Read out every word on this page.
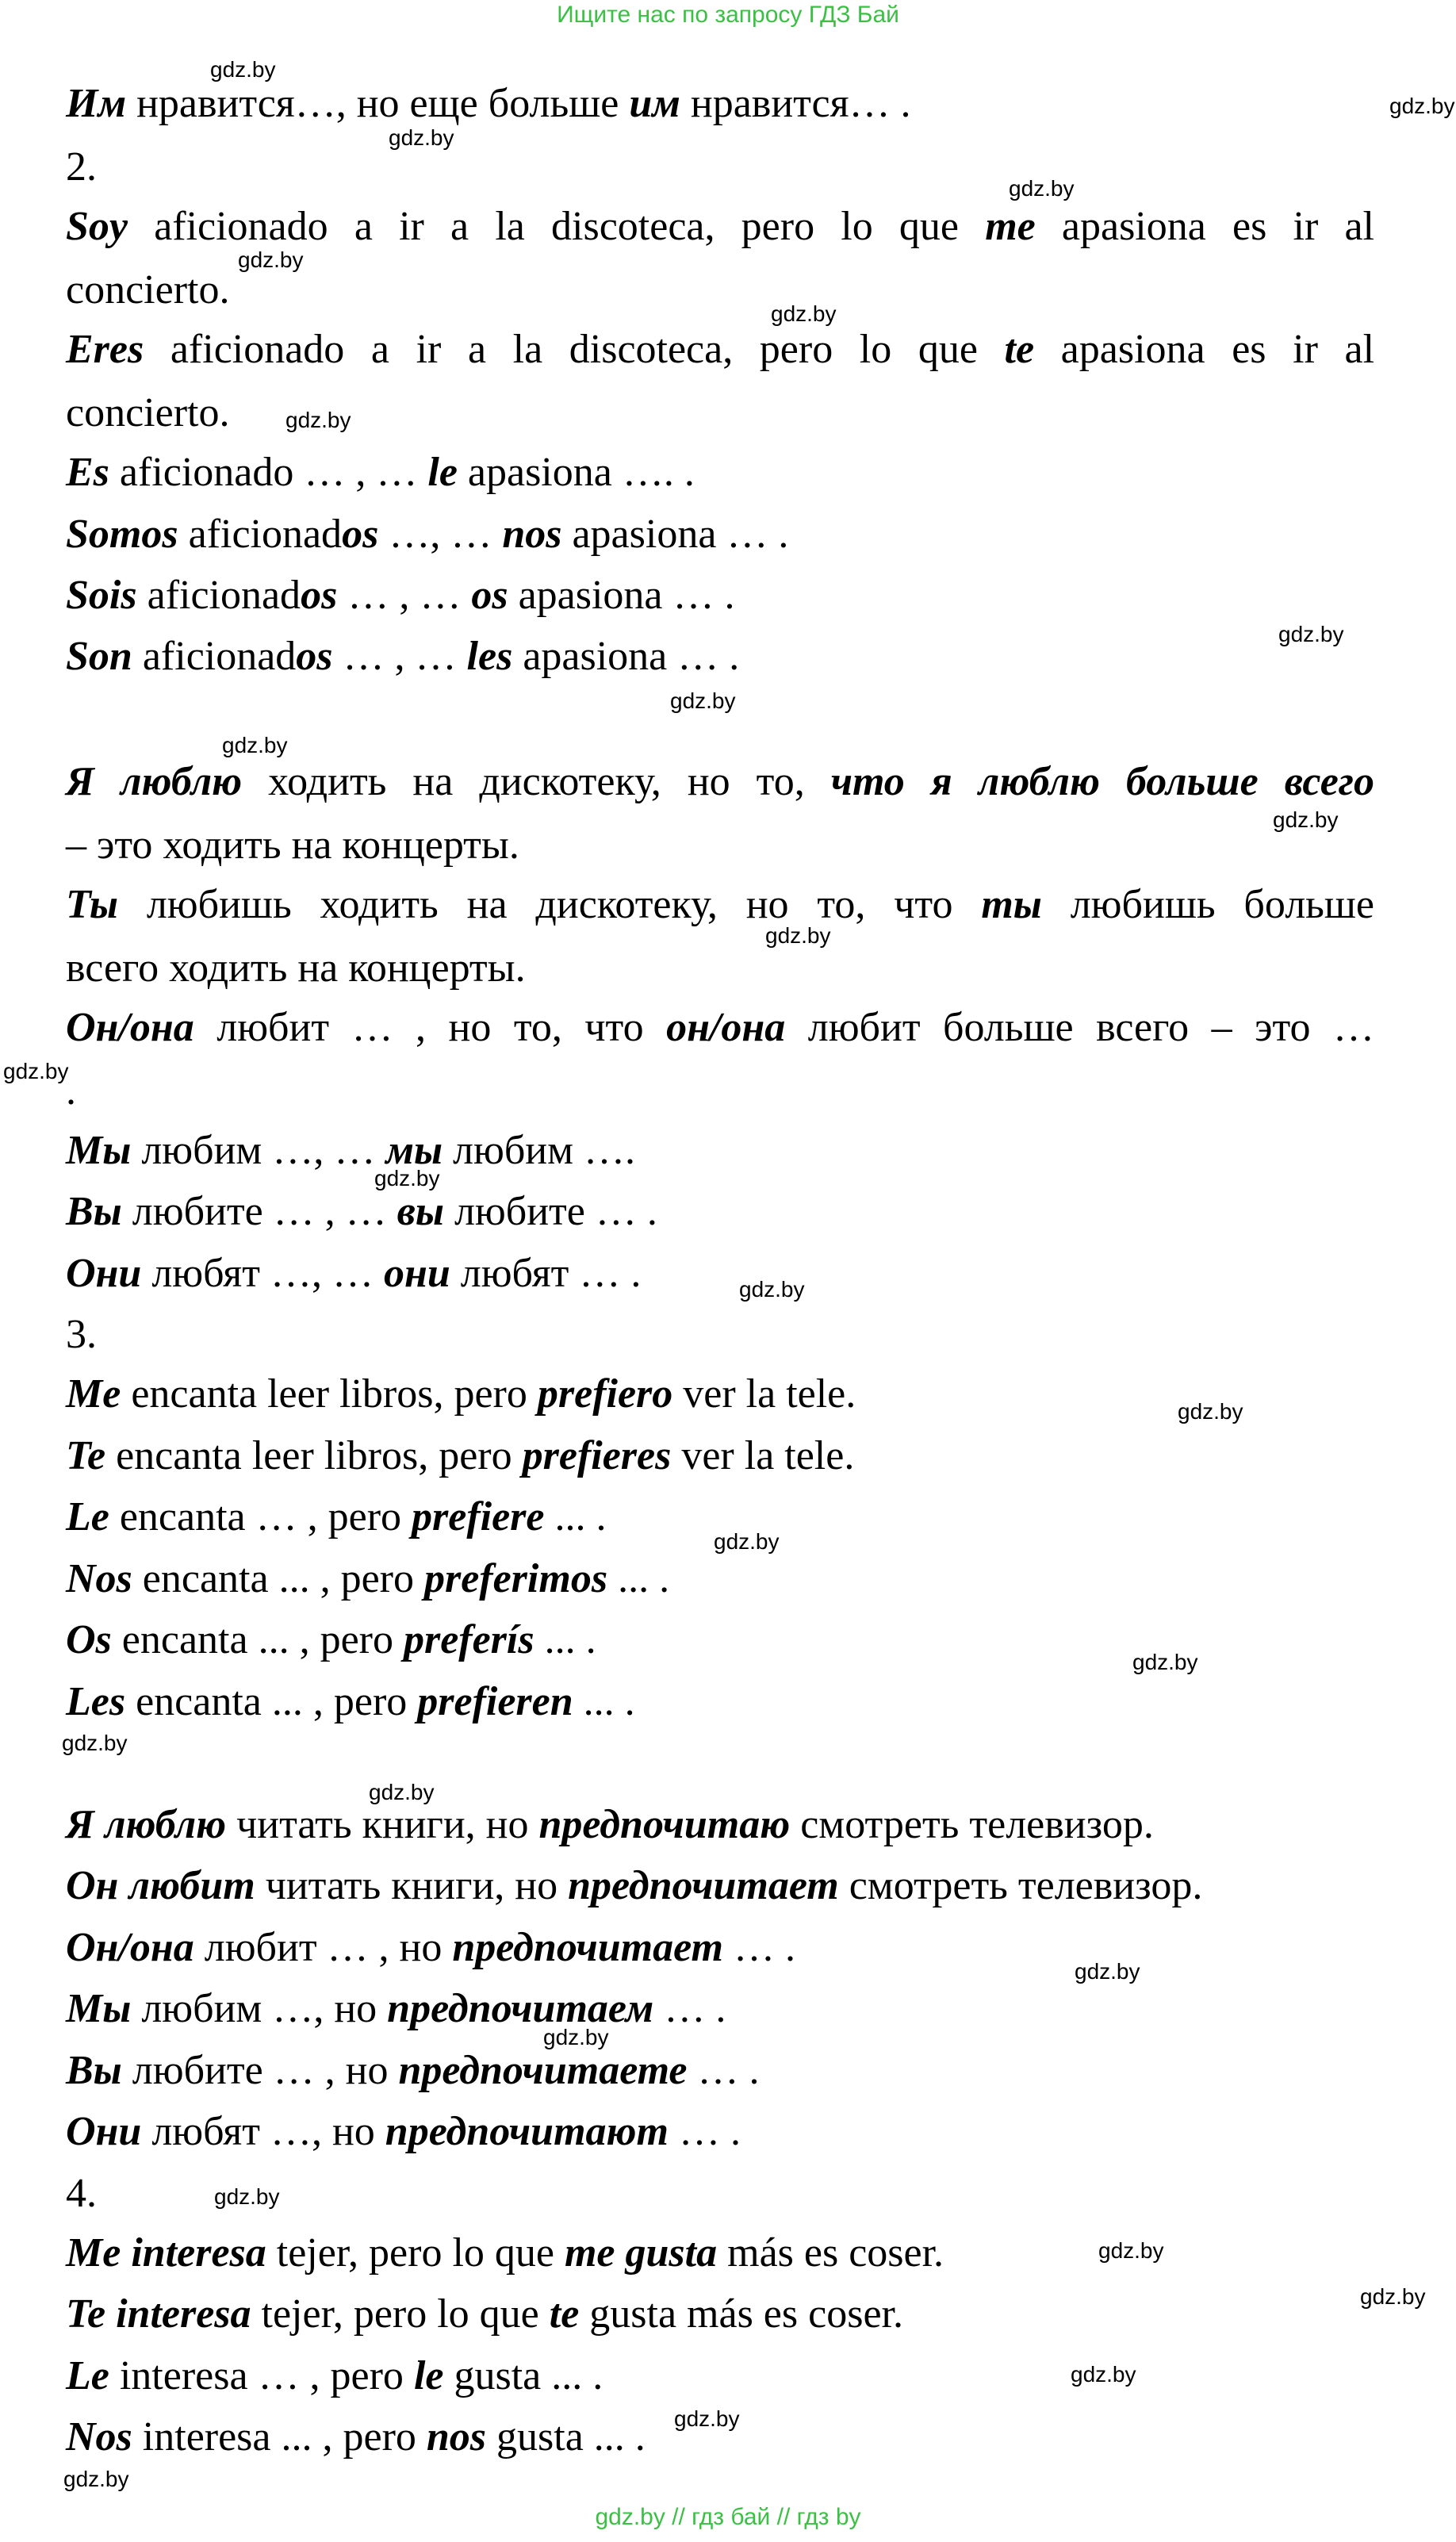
Ищите нас по запросу ГДЗ Бай
Им нравится…, но еще больше им нравится… .
2.
Soy aficionado a ir a la discoteca, pero lo que me apasiona es ir al
concierto.
Eres aficionado a ir a la discoteca, pero lo que te apasiona es ir al
concierto.
Es aficionado … , … le apasiona …. .
Somos aficionados …, … nos apasiona … .
Sois aficionados … , … os apasiona … .
Son aficionados … , … les apasiona … .
Я люблю ходить на дискотеку, но то, что я люблю больше всего
– это ходить на концерты.
Ты любишь ходить на дискотеку, но то, что ты любишь больше
всего ходить на концерты.
Он/она любит … , но то, что он/она любит больше всего – это …
.
Мы любим …, … мы любим ….
Вы любите … , … вы любите … .
Они любят …, … они любят … .
3.
Me encanta leer libros, pero prefiero ver la tele.
Te encanta leer libros, pero prefieres ver la tele.
Le encanta … , pero prefiere ... .
Nos encanta ... , pero preferimos ... .
Os encanta ... , pero preferís ... .
Les encanta ... , pero prefieren ... .
Я люблю читать книги, но предпочитаю смотреть телевизор.
Он любит читать книги, но предпочитает смотреть телевизор.
Он/она любит … , но предпочитает … .
Мы любим …, но предпочитаем … .
Вы любите … , но предпочитаете … .
Они любят …, но предпочитают … .
4.
Me interesa tejer, pero lo que me gusta más es coser.
Te interesa tejer, pero lo que te gusta más es coser.
Le interesa … , pero le gusta ... .
Nos interesa ... , pero nos gusta ... .
gdz.by
gdz.by
gdz.by
gdz.by
gdz.by
gdz.by
gdz.by
gdz.by
gdz.by
gdz.by
gdz.by
gdz.by
gdz.by
gdz.by
gdz.by
gdz.by
gdz.by
gdz.by
gdz.by
gdz.by
gdz.by
gdz.by
gdz.by
gdz.by
gdz.by
gdz.by
gdz.by
gdz.by
gdz.by // гдз бай // гдз by
